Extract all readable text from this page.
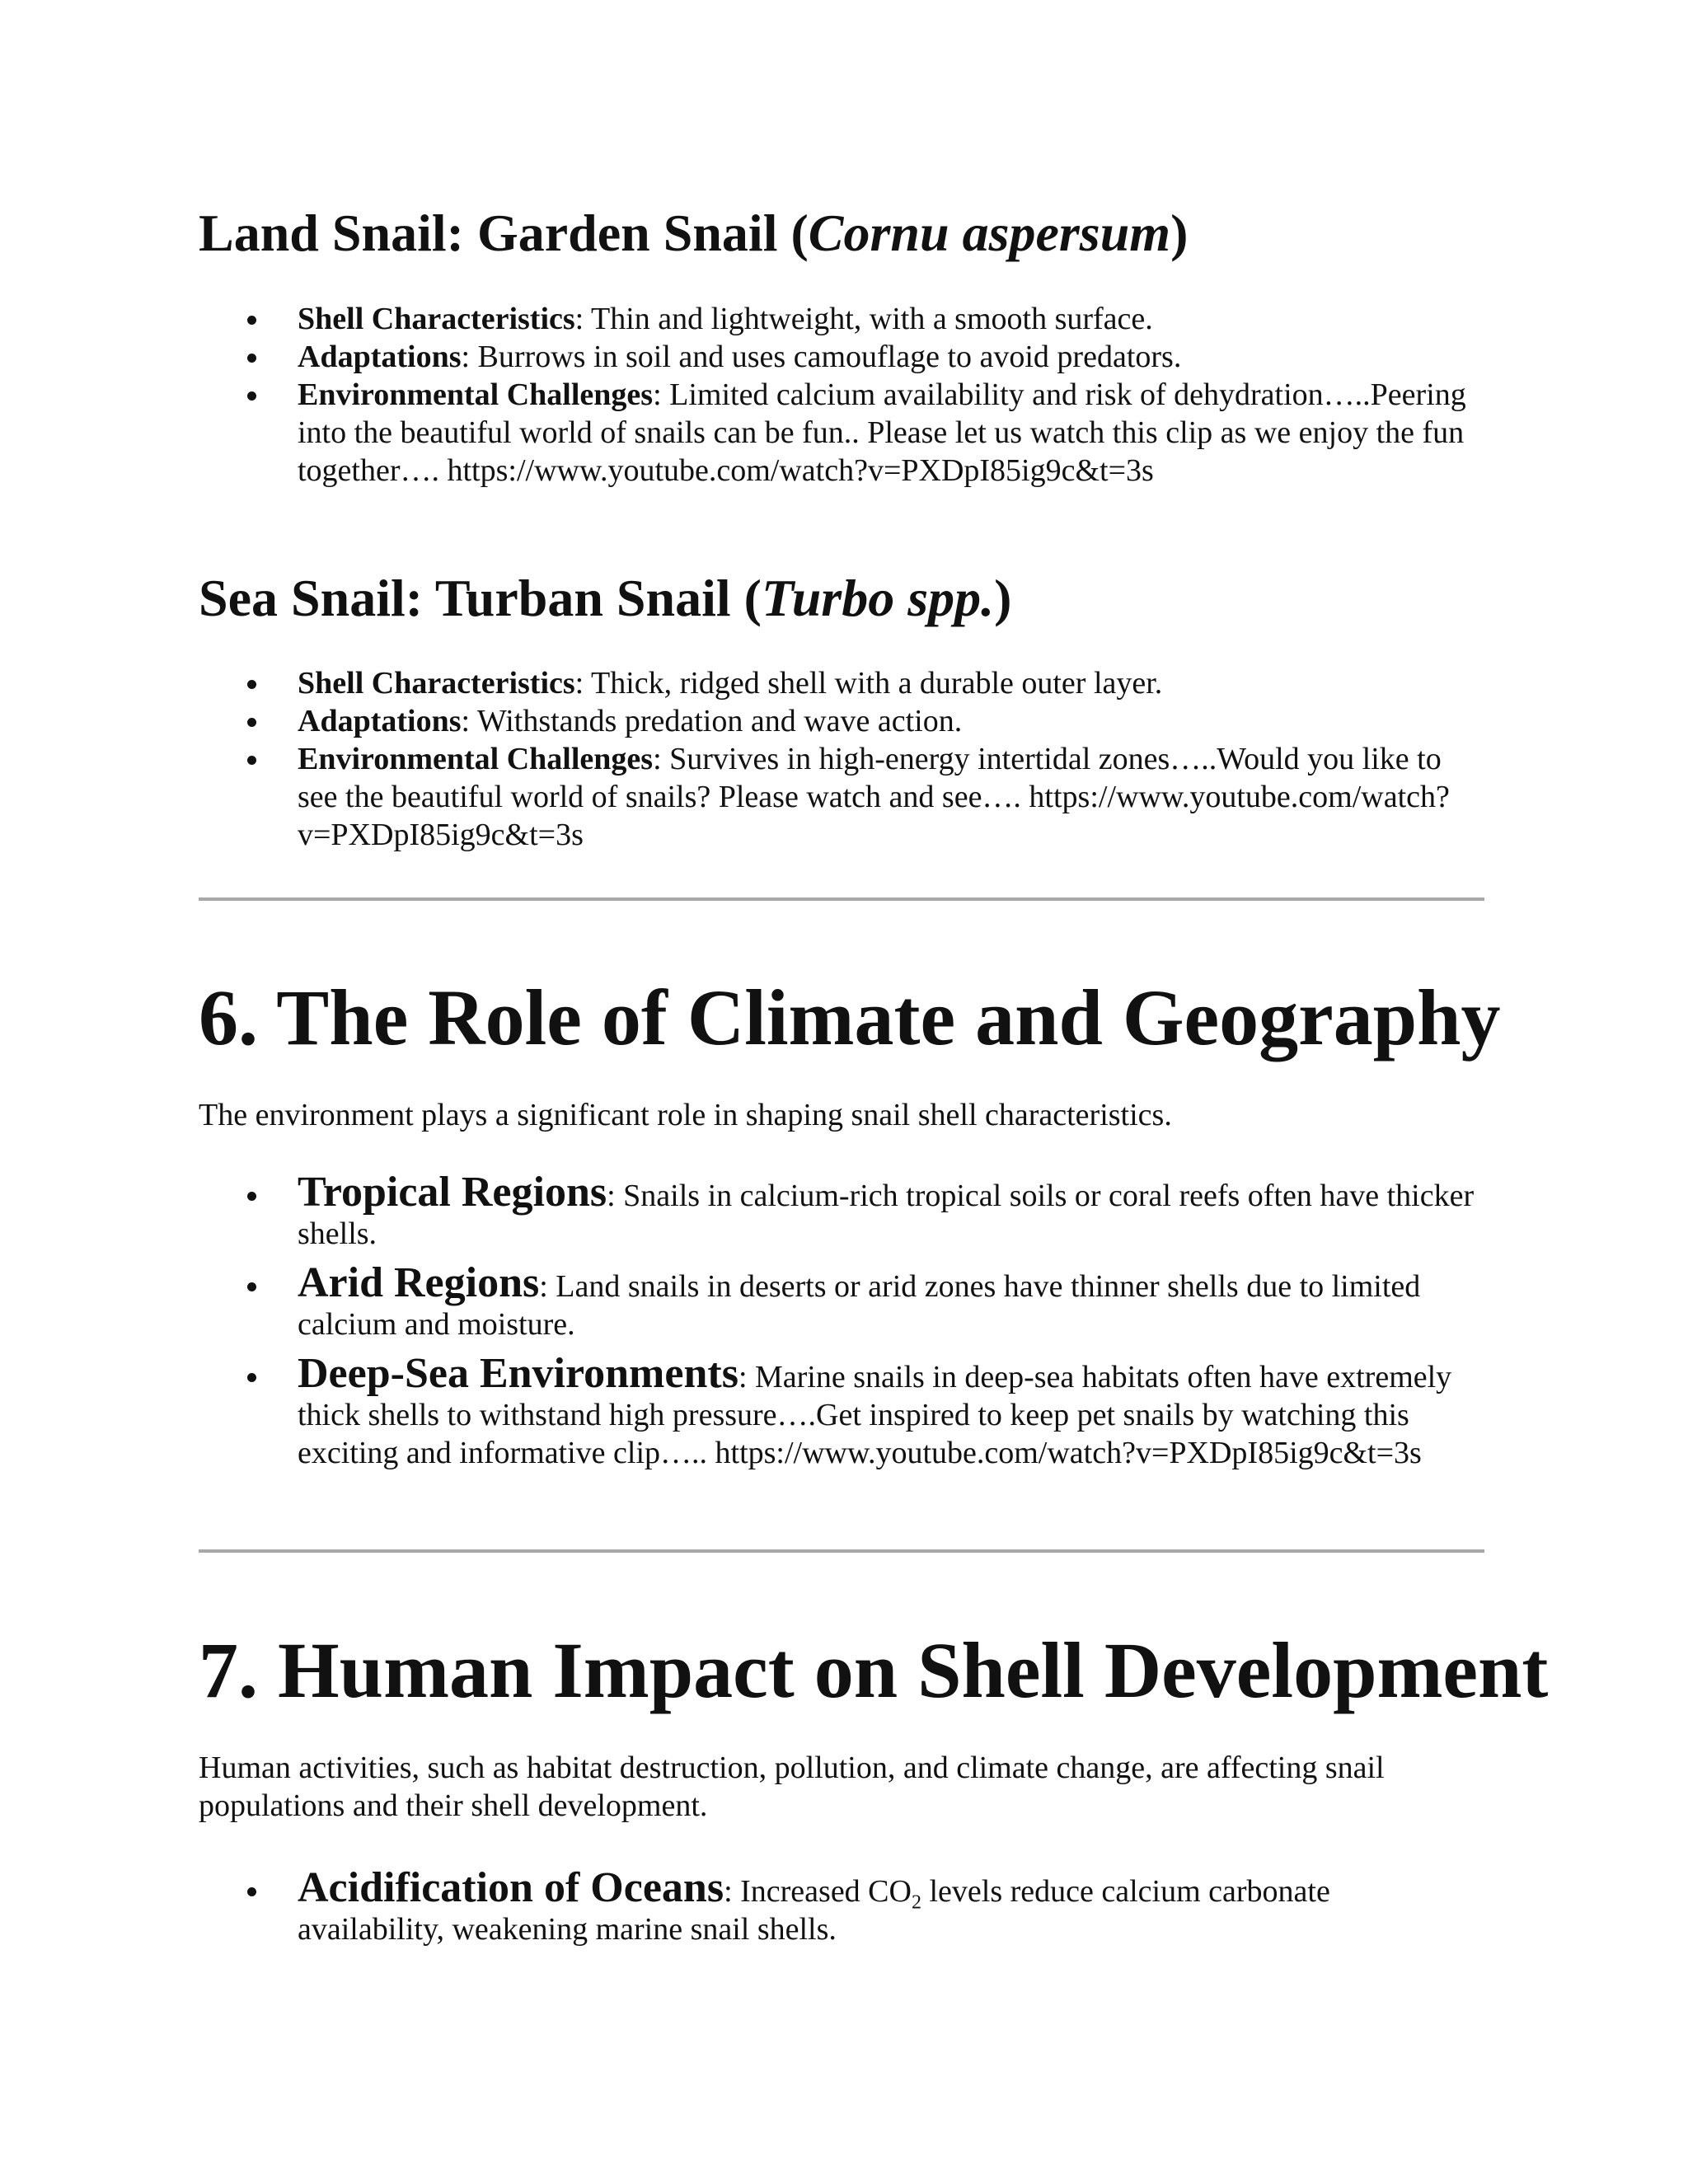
Land Snail: Garden Snail (Cornu aspersum)
Shell Characteristics: Thin and lightweight, with a smooth surface.
Adaptations: Burrows in soil and uses camouflage to avoid predators.
Environmental Challenges: Limited calcium availability and risk of dehydration…..Peering into the beautiful world of snails can be fun.. Please let us watch this clip as we enjoy the fun together…. https://www.youtube.com/watch?v=PXDpI85ig9c&t=3s
Sea Snail: Turban Snail (Turbo spp.)
Shell Characteristics: Thick, ridged shell with a durable outer layer.
Adaptations: Withstands predation and wave action.
Environmental Challenges: Survives in high-energy intertidal zones…..Would you like to see the beautiful world of snails? Please watch and see…. https://www.youtube.com/watch?v=PXDpI85ig9c&t=3s
6. The Role of Climate and Geography

The environment plays a significant role in shaping snail shell characteristics.

Tropical Regions: Snails in calcium-rich tropical soils or coral reefs often have thicker shells.
Arid Regions: Land snails in deserts or arid zones have thinner shells due to limited calcium and moisture.
Deep-Sea Environments: Marine snails in deep-sea habitats often have extremely thick shells to withstand high pressure….Get inspired to keep pet snails by watching this exciting and informative clip….. https://www.youtube.com/watch?v=PXDpI85ig9c&t=3s
7. Human Impact on Shell Development

Human activities, such as habitat destruction, pollution, and climate change, are affecting snail populations and their shell development.

Acidification of Oceans: Increased $CO_2$ levels reduce calcium carbonate availability, weakening marine snail shells.
